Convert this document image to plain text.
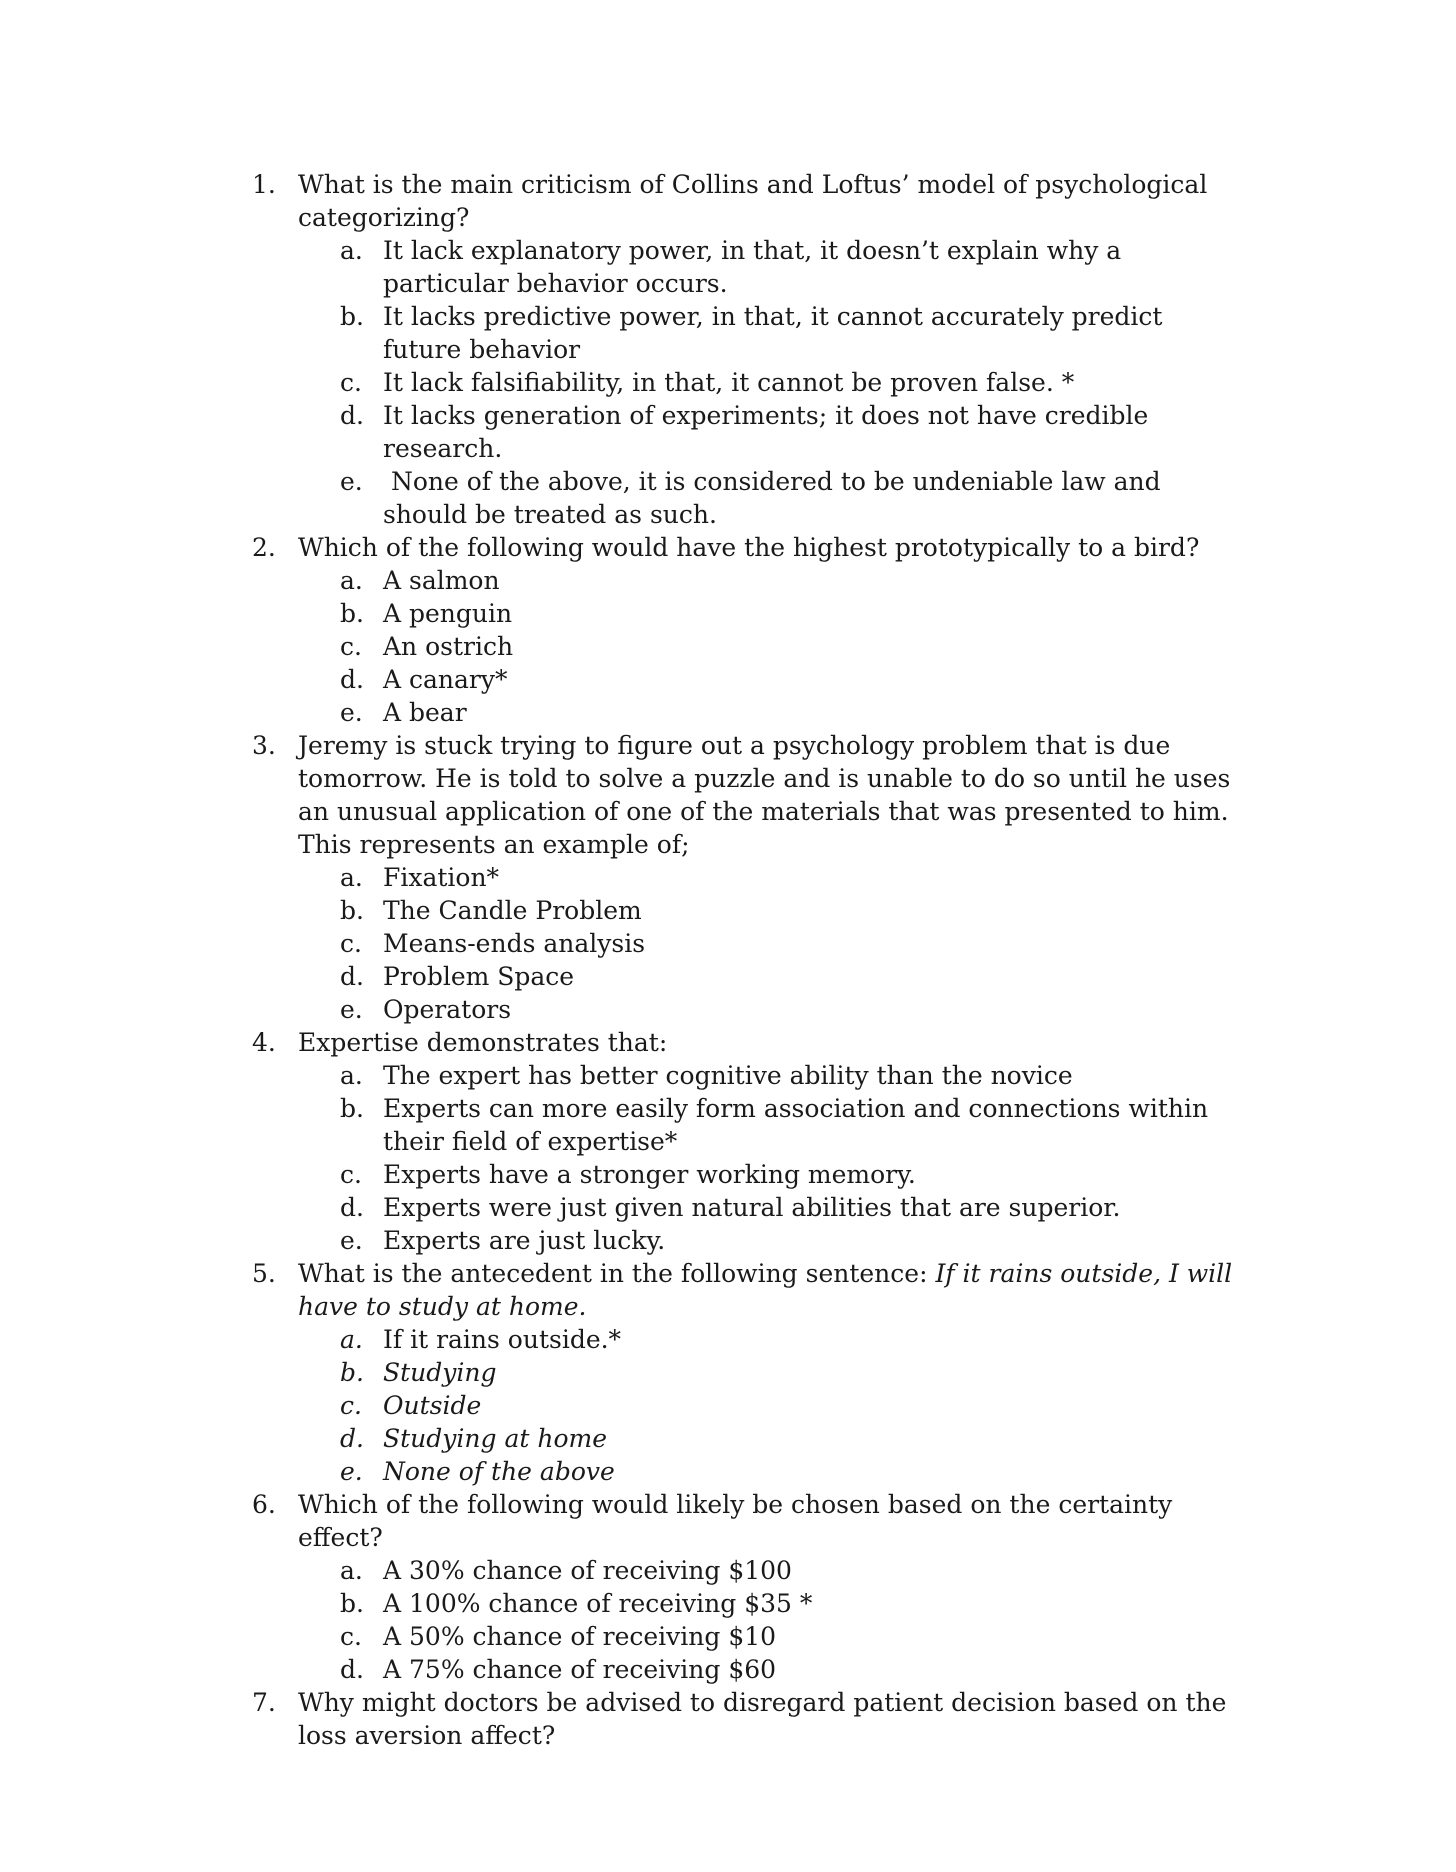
1. What is the main criticism of Collins and Loftus’ model of psychological categorizing?
a. It lack explanatory power, in that, it doesn’t explain why a particular behavior occurs.
b. It lacks predictive power, in that, it cannot accurately predict future behavior
c. It lack falsifiability, in that, it cannot be proven false. *
d. It lacks generation of experiments; it does not have credible research.
e. None of the above, it is considered to be undeniable law and should be treated as such.
2. Which of the following would have the highest prototypically to a bird?
a. A salmon
b. A penguin
c. An ostrich
d. A canary*
e. A bear
3. Jeremy is stuck trying to figure out a psychology problem that is due tomorrow. He is told to solve a puzzle and is unable to do so until he uses an unusual application of one of the materials that was presented to him. This represents an example of;
a. Fixation*
b. The Candle Problem
c. Means-ends analysis
d. Problem Space
e. Operators
4. Expertise demonstrates that:
a. The expert has better cognitive ability than the novice
b. Experts can more easily form association and connections within their field of expertise*
c. Experts have a stronger working memory.
d. Experts were just given natural abilities that are superior.
e. Experts are just lucky.
5. What is the antecedent in the following sentence: If it rains outside, I will have to study at home.
a. If it rains outside.*
b. Studying
c. Outside
d. Studying at home
e. None of the above
6. Which of the following would likely be chosen based on the certainty effect?
a. A 30% chance of receiving $100
b. A 100% chance of receiving $35 *
c. A 50% chance of receiving $10
d. A 75% chance of receiving $60
7. Why might doctors be advised to disregard patient decision based on the loss aversion affect?
